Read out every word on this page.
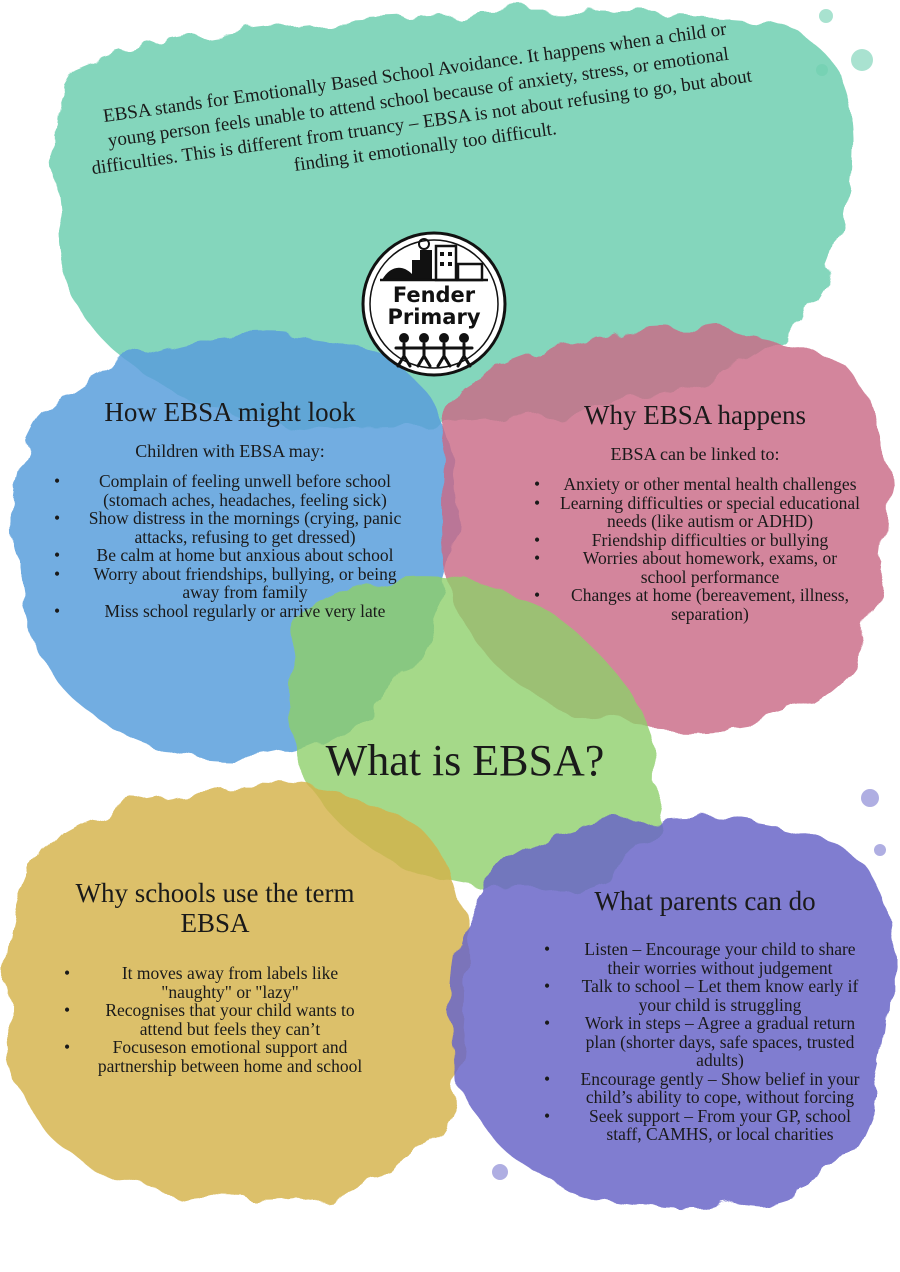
EBSA stands for Emotionally Based School Avoidance. It happens when a child or young person feels unable to attend school because of anxiety, stress, or emotional difficulties. This is different from truancy – EBSA is not about refusing to go, but about finding it emotionally too difficult.
Fender
Primary
How EBSA might look
Children with EBSA may:
• Complain of feeling unwell before school (stomach aches, headaches, feeling sick)
• Show distress in the mornings (crying, panic attacks, refusing to get dressed)
• Be calm at home but anxious about school
• Worry about friendships, bullying, or being away from family
• Miss school regularly or arrive very late
Why EBSA happens
EBSA can be linked to:
• Anxiety or other mental health challenges
• Learning difficulties or special educational needs (like autism or ADHD)
• Friendship difficulties or bullying
• Worries about homework, exams, or school performance
• Changes at home (bereavement, illness, separation)
What is EBSA?
Why schools use the term EBSA
• It moves away from labels like "naughty" or "lazy"
• Recognises that your child wants to attend but feels they can’t
• Focuseson emotional support and partnership between home and school
What parents can do
• Listen – Encourage your child to share their worries without judgement
• Talk to school – Let them know early if your child is struggling
• Work in steps – Agree a gradual return plan (shorter days, safe spaces, trusted adults)
• Encourage gently – Show belief in your child’s ability to cope, without forcing
• Seek support – From your GP, school staff, CAMHS, or local charities
